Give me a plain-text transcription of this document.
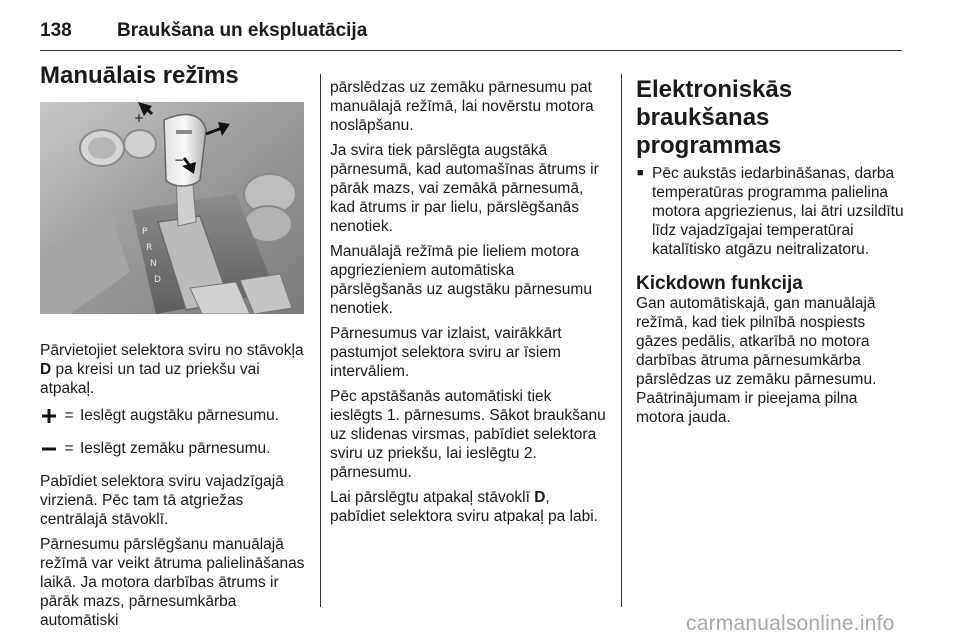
138 Braukšana un ekspluatācija
Manuālais režīms
P
R
N
D
+
−

Pārvietojiet selektora sviru no stāvokļa D pa kreisi un tad uz priekšu vai atpakaļ.

= Ieslēgt augstāku pārnesumu.
= Ieslēgt zemāku pārnesumu.

Pabīdiet selektora sviru vajadzīgajā virzienā. Pēc tam tā atgriežas centrālajā stāvoklī.

Pārnesumu pārslēgšanu manuālajā režīmā var veikt ātruma palielināšanas laikā. Ja motora darbības ātrums ir pārāk mazs, pārnesumkārba automātiski

pārslēdzas uz zemāku pārnesumu pat manuālajā režīmā, lai novērstu motora noslāpšanu.

Ja svira tiek pārslēgta augstākā pārnesumā, kad automašīnas ātrums ir pārāk mazs, vai zemākā pārnesumā, kad ātrums ir par lielu, pārslēgšanās nenotiek.

Manuālajā režīmā pie lieliem motora apgriezieniem automātiska pārslēgšanās uz augstāku pārnesumu nenotiek.

Pārnesumus var izlaist, vairākkārt pastumjot selektora sviru ar īsiem intervāliem.

Pēc apstāšanās automātiski tiek ieslēgts 1. pārnesums. Sākot braukšanu uz slidenas virsmas, pabīdiet selektora sviru uz priekšu, lai ieslēgtu 2. pārnesumu.

Lai pārslēgtu atpakaļ stāvoklī D, pabīdiet selektora sviru atpakaļ pa labi.

Elektroniskās braukšanas programmas
■ Pēc aukstās iedarbināšanas, darba temperatūras programma palielina motora apgriezienus, lai ātri uzsildītu līdz vajadzīgajai temperatūrai katalītisko atgāzu neitralizatoru.
Kickdown funkcija

Gan automātiskajā, gan manuālajā režīmā, kad tiek pilnībā nospiests gāzes pedālis, atkarībā no motora darbības ātruma pārnesumkārba pārslēdzas uz zemāku pārnesumu. Paātrinājumam ir pieejama pilna motora jauda.

carmanualsonline.info
